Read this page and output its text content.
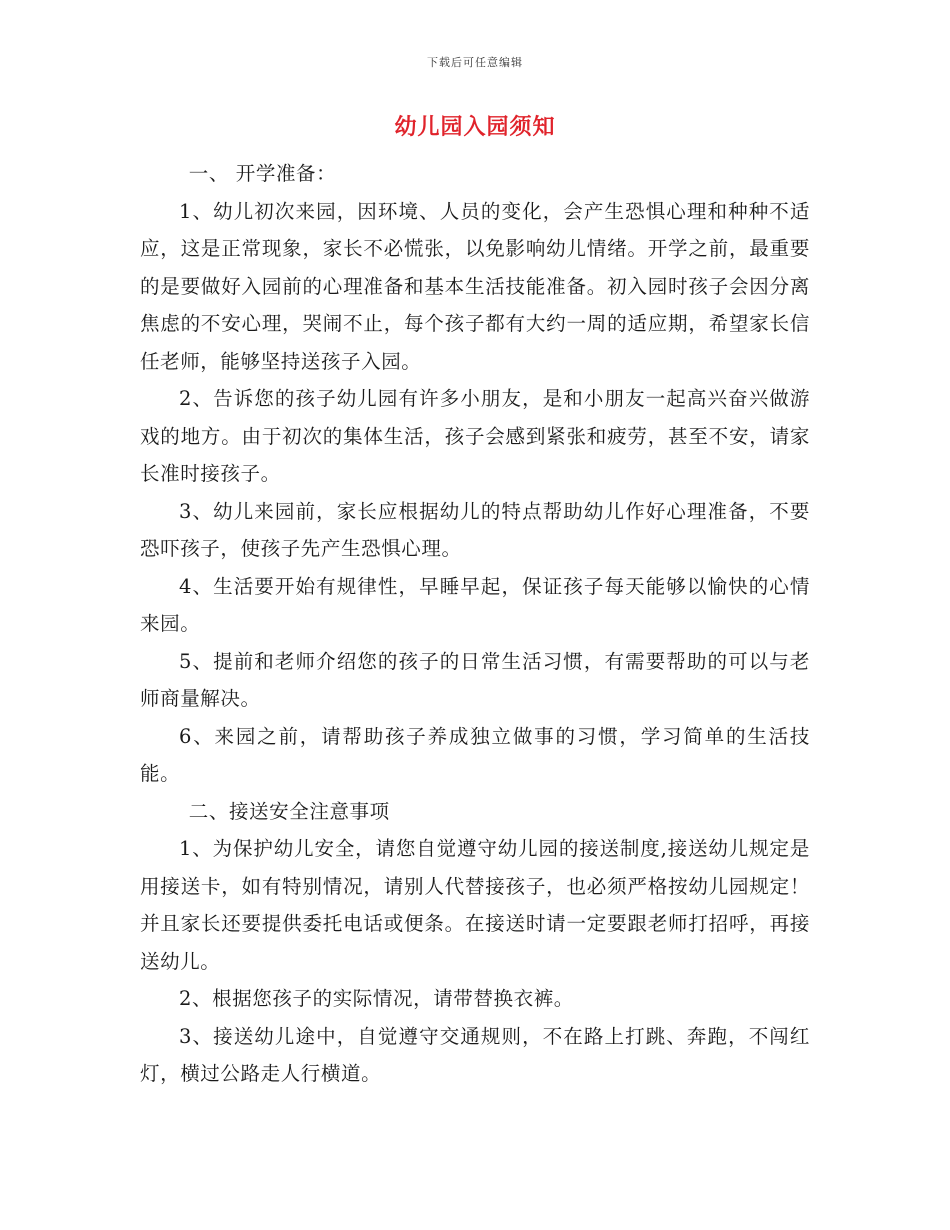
下载后可任意编辑
幼儿园入园须知

一、 开学准备：

1、幼儿初次来园，因环境、人员的变化，会产生恐惧心理和种种不适应，这是正常现象，家长不必慌张，以免影响幼儿情绪。开学之前，最重要的是要做好入园前的心理准备和基本生活技能准备。初入园时孩子会因分离焦虑的不安心理，哭闹不止，每个孩子都有大约一周的适应期，希望家长信任老师，能够坚持送孩子入园。

2、告诉您的孩子幼儿园有许多小朋友，是和小朋友一起高兴奋兴做游戏的地方。由于初次的集体生活，孩子会感到紧张和疲劳，甚至不安，请家长准时接孩子。

3、幼儿来园前，家长应根据幼儿的特点帮助幼儿作好心理准备，不要恐吓孩子，使孩子先产生恐惧心理。

4、生活要开始有规律性，早睡早起，保证孩子每天能够以愉快的心情来园。

5、提前和老师介绍您的孩子的日常生活习惯，有需要帮助的可以与老师商量解决。

6、来园之前，请帮助孩子养成独立做事的习惯，学习简单的生活技能。

二、接送安全注意事项

1、为保护幼儿安全，请您自觉遵守幼儿园的接送制度,接送幼儿规定是用接送卡，如有特别情况，请别人代替接孩子，也必须严格按幼儿园规定！并且家长还要提供委托电话或便条。在接送时请一定要跟老师打招呼，再接送幼儿。

2、根据您孩子的实际情况，请带替换衣裤。

3、接送幼儿途中，自觉遵守交通规则，不在路上打跳、奔跑，不闯红灯，横过公路走人行横道。
